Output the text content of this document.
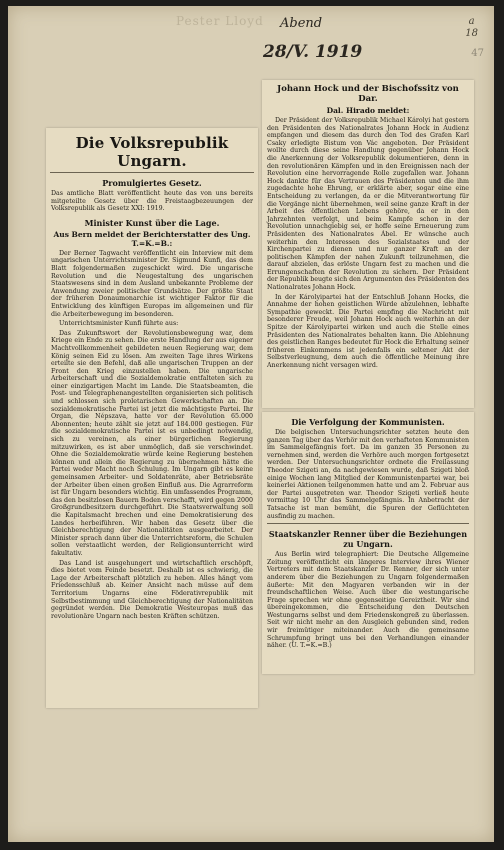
Pester Lloyd Abend
28/V. 1919
a
18
47
Die Volksrepublik Ungarn.
Promulgiertes Gesetz.

Das amtliche Blatt veröffentlicht heute das von uns bereits mitgeteilte Gesetz über die Freistaagbezeuungen der Volksrepublik als Gesetz XXI: 1919.

Minister Kunst über die Lage.
Aus Bern meldet der Berichterstatter des Ung. T.=K.=B.:

Der Berner Tagwacht veröffentlicht ein Interview mit dem ungarischen Unterrichtsminister Dr. Sigmund Kunfi, das dem Blatt folgendermaßen zugeschickt wird. Die ungarische Revolution und die Neugestaltung des ungarischen Staatswesens sind in dem Ausland unbekannte Probleme der Anwendung zweier politischer Grundsätze. Der größte Staat der früheren Donaumonarchie ist wichtiger Faktor für die Entwicklung des künftigen Europas im allgemeinen und für die Arbeiterbewegung im besonderen.

Unterrichtsminister Kunfi führte aus:

Das Zukunftswort der Revolutionsbewegung war, dem Kriege ein Ende zu sehen. Die erste Handlung der aus eigener Machtvollkommenheit gebildeten neuen Regierung war, dem König seinen Eid zu lösen. Am zweiten Tage ihres Wirkens erteilte sie den Befehl, daß alle ungarischen Truppen an der Front den Krieg einzustellen haben. Die ungarische Arbeiterschaft und die Sozialdemokratie entfalteten sich zu einer einzigartigen Macht im Lande. Die Staatsbeamten, die Post- und Telegraphenangestellten organisierten sich politisch und schlossen sich proletarischen Gewerkschaften an. Die sozialdemokratische Partei ist jetzt die mächtigste Partei. Ihr Organ, die Népszava, hatte vor der Revolution 65.000 Abonnenten; heute zählt sie jetzt auf 184.000 gestiegen. Für die sozialdemokratische Partei ist es unbedingt notwendig, sich zu vereinen, als einer bürgerlichen Regierung mitzuwirken, es ist aber unmöglich, daß sie verschwindet. Ohne die Sozialdemokratie würde keine Regierung bestehen können und allein die Regierung zu übernehmen hätte die Partei weder Macht noch Schulung. Im Ungarn gibt es keine gemeinsamen Arbeiter- und Soldatenräte, aber Betriebsräte der Arbeiter üben einen großen Einfluß aus. Die Agrarreform ist für Ungarn besonders wichtig. Ein umfassendes Programm, das den besitzlosen Bauern Boden verschafft, wird gegen 2000 Großgrundbesitzern durchgeführt. Die Staatsverwaltung soll die Kapitalsmacht brechen und eine Demokratisierung des Landes herbeiführen. Wir haben das Gesetz über die Gleichberechtigung der Nationalitäten ausgearbeitet. Der Minister sprach dann über die Unterrichtsreform, die Schulen sollen verstaatlicht werden, der Religionsunterricht wird fakultativ.

Das Land ist ausgehungert und wirtschaftlich erschöpft, dies bietet vom Feinde besetzt. Deshalb ist es schwierig, die Lage der Arbeiterschaft plötzlich zu heben. Alles hängt vom Friedensschluß ab. Keiner Ansicht nach müsse auf dem Territorium Ungarns eine Föderativrepublik mit Selbstbestimmung und Gleichberechtigung der Nationalitäten gegründet werden. Die Demokratie Westeuropas muß das revolutionäre Ungarn nach besten Kräften schützen.

Johann Hock und der Bischofssitz von Dar.
Dal. Hirado meldet:

Der Präsident der Volksrepublik Michael Károlyi hat gestern den Präsidenten des Nationalrates Johann Hock in Audienz empfangen und diesem das durch den Tod des Grafen Karl Csaky erledigte Bistum von Vác angeboten. Der Präsident wollte durch diese seine Handlung gegenüber Johann Hock die Anerkennung der Volksrepublik dokumentieren, denn in den revolutionären Kämpfen und in den Ereignissen nach der Revolution eine hervorragende Rolle zugefallen war. Johann Hock dankte für das Vertrauen des Präsidenten und die ihm zugedachte hohe Ehrung, er erklärte aber, sogar eine eine Entscheidung zu verlangen, da er die Mitverantwortung für die Vorgänge nicht übernehmen, weil seine ganze Kraft in der Arbeit des öffentlichen Lebens gehöre, da er in den Jahrzehnten verfolgt, und beim Kampfe schon in der Revolution unnachgiebig sei, er hoffe seine Erneuerung zum Präsidenten des Nationalrates Ábel. Er wünsche auch weiterhin den Interessen des Sozialstaates und der Kirchenpartei zu dienen und nur ganzer Kraft an der politischen Kämpfen der nahen Zukunft teilzunehmen, die darauf abzielen, das erlöste Ungarn fest zu machen und die Errungenschaften der Revolution zu sichern. Der Präsident der Republik beugte sich den Argumenten des Präsidenten des Nationalrates Johann Hock.

In der Károlyipartei hat der Entschluß Johann Hocks, die Annahme der hohen geistlichen Würde abzulehnen, lebhafte Sympathie geweckt. Die Partei empfing die Nachricht mit besonderer Freude, weil Johann Hock auch weiterhin an der Spitze der Károlyipartei wirken und auch die Stelle eines Präsidenten des Nationalrates behalten kann. Die Ablehnung des geistlichen Ranges bedeutet für Hock die Erhaltung seiner früheren Einkommens ist jedenfalls ein seltener Akt der Selbstverleugnung, dem auch die öffentliche Meinung ihre Anerkennung nicht versagen wird.

Die Verfolgung der Kommunisten.

Die belgischen Untersuchungsrichter setzten heute den ganzen Tag über das Verhör mit den verhafteten Kommunisten im Sammelgefängnis fort. Da im ganzen 35 Personen zu vernehmen sind, werden die Verhöre auch morgen fortgesetzt werden. Der Untersuchungsrichter ordnete die Freilassung Theodor Szigeti an, da nachgewiesen wurde, daß Szigeti bloß einige Wochen lang Mitglied der Kommunistenpartei war, bei keinerlei Aktionen teilgenommen hatte und am 2. Februar aus der Partei ausgetreten war. Theodor Szigeti verließ heute vormittag 10 Uhr das Sammelgefängnis. In Anbetracht der Tatsache ist man bemüht, die Spuren der Geflüchteten ausfindig zu machen.

Staatskanzler Renner über die Beziehungen zu Ungarn.

Aus Berlin wird telegraphiert: Die Deutsche Allgemeine Zeitung veröffentlicht ein längeres Interview ihres Wiener Vertreters mit dem Staatskanzler Dr. Renner, der sich unter anderem über die Beziehungen zu Ungarn folgendermaßen äußerte: Mit den Magyaren verbanden wir in der freundschaftlichen Weise. Auch über die westungarische Frage sprechen wir ohne gegenseitige Gereiztheit. Wir sind übereingekommen, die Entscheidung den Deutschen Westungarns selbst und dem Friedenskongreß zu überlassen. Seit wir nicht mehr an den Ausgleich gebunden sind, reden wir freimütiger miteinander. Auch die gemeinsame Schrumpfung bringt uns bei den Verhandlungen einander näher. (U. T.=K.=B.)
